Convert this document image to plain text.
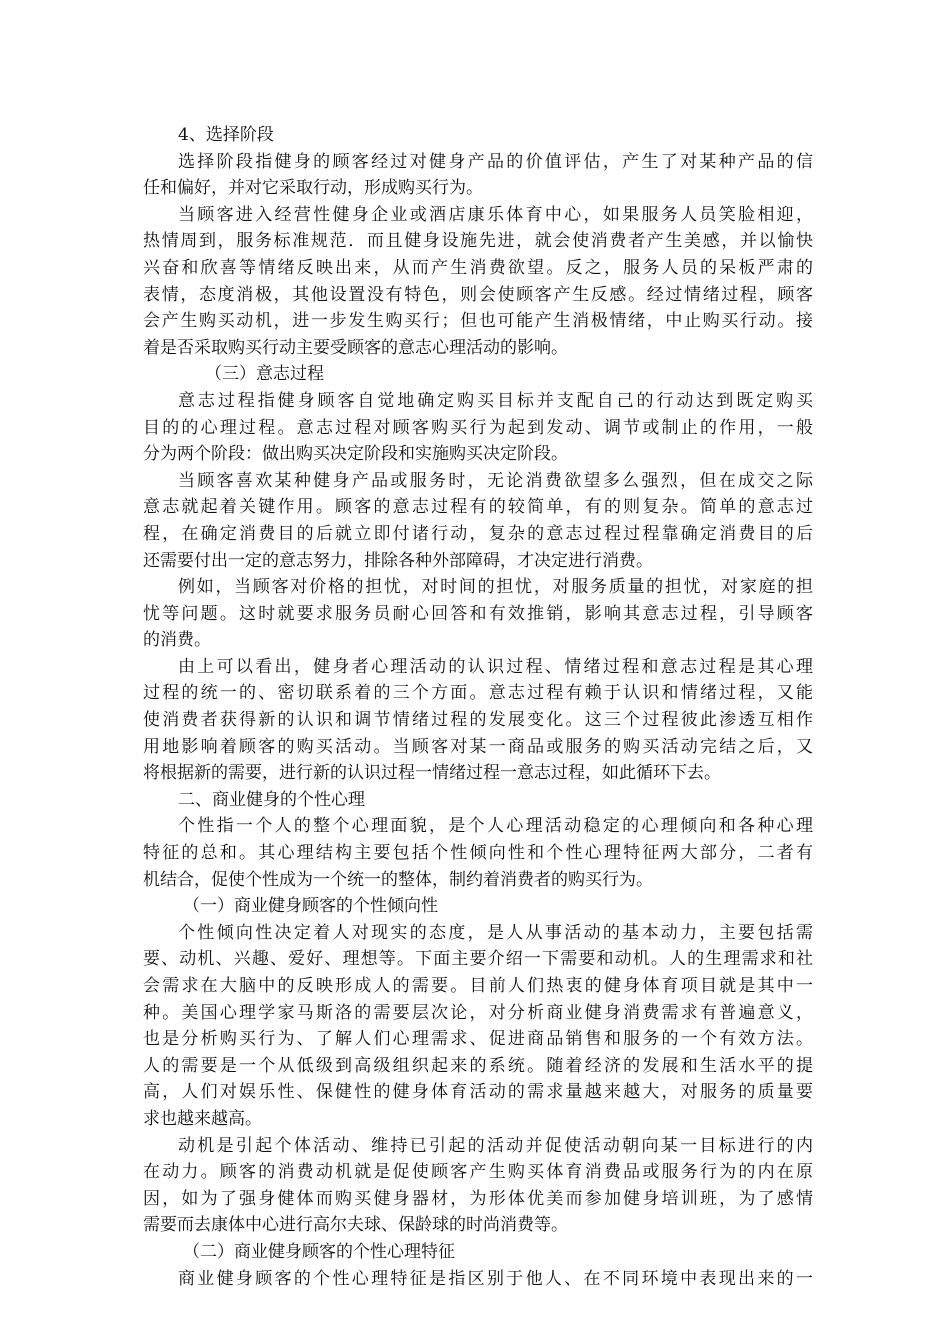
4、选择阶段
选择阶段指健身的顾客经过对健身产品的价值评估，产生了对某种产品的信
任和偏好，并对它采取行动，形成购买行为。
当顾客进入经营性健身企业或酒店康乐体育中心，如果服务人员笑脸相迎，
热情周到，服务标准规范．而且健身设施先进，就会使消费者产生美感，并以愉快
兴奋和欣喜等情绪反映出来，从而产生消费欲望。反之，服务人员的呆板严肃的
表情，态度消极，其他设置没有特色，则会使顾客产生反感。经过情绪过程，顾客
会产生购买动机，进一步发生购买行；但也可能产生消极情绪，中止购买行动。接
着是否采取购买行动主要受顾客的意志心理活动的影响。
（三）意志过程
意志过程指健身顾客自觉地确定购买目标并支配自己的行动达到既定购买
目的的心理过程。意志过程对顾客购买行为起到发动、调节或制止的作用，一般
分为两个阶段：做出购买决定阶段和实施购买决定阶段。
当顾客喜欢某种健身产品或服务时，无论消费欲望多么强烈，但在成交之际
意志就起着关键作用。顾客的意志过程有的较简单，有的则复杂。简单的意志过
程，在确定消费目的后就立即付诸行动，复杂的意志过程过程靠确定消费目的后
还需要付出一定的意志努力，排除各种外部障碍，才决定进行消费。
例如，当顾客对价格的担忧，对时间的担忧，对服务质量的担忧，对家庭的担
忧等问题。这时就要求服务员耐心回答和有效推销，影响其意志过程，引导顾客
的消费。
由上可以看出，健身者心理活动的认识过程、情绪过程和意志过程是其心理
过程的统一的、密切联系着的三个方面。意志过程有赖于认识和情绪过程，又能
使消费者获得新的认识和调节情绪过程的发展变化。这三个过程彼此渗透互相作
用地影响着顾客的购买活动。当顾客对某一商品或服务的购买活动完结之后，又
将根据新的需要，进行新的认识过程一情绪过程一意志过程，如此循环下去。
二、商业健身的个性心理
个性指一个人的整个心理面貌，是个人心理活动稳定的心理倾向和各种心理
特征的总和。其心理结构主要包括个性倾向性和个性心理特征两大部分，二者有
机结合，促使个性成为一个统一的整体，制约着消费者的购买行为。
（一）商业健身顾客的个性倾向性
个性倾向性决定着人对现实的态度，是人从事活动的基本动力，主要包括需
要、动机、兴趣、爱好、理想等。下面主要介绍一下需要和动机。人的生理需求和社
会需求在大脑中的反映形成人的需要。目前人们热衷的健身体育项目就是其中一
种。美国心理学家马斯洛的需要层次论，对分析商业健身消费需求有普遍意义，
也是分析购买行为、了解人们心理需求、促进商品销售和服务的一个有效方法。
人的需要是一个从低级到高级组织起来的系统。随着经济的发展和生活水平的提
高，人们对娱乐性、保健性的健身体育活动的需求量越来越大，对服务的质量要
求也越来越高。
动机是引起个体活动、维持已引起的活动并促使活动朝向某一目标进行的内
在动力。顾客的消费动机就是促使顾客产生购买体育消费品或服务行为的内在原
因，如为了强身健体而购买健身器材，为形体优美而参加健身培训班，为了感情
需要而去康体中心进行高尔夫球、保龄球的时尚消费等。
（二）商业健身顾客的个性心理特征
商业健身顾客的个性心理特征是指区别于他人、在不同环境中表现出来的一
